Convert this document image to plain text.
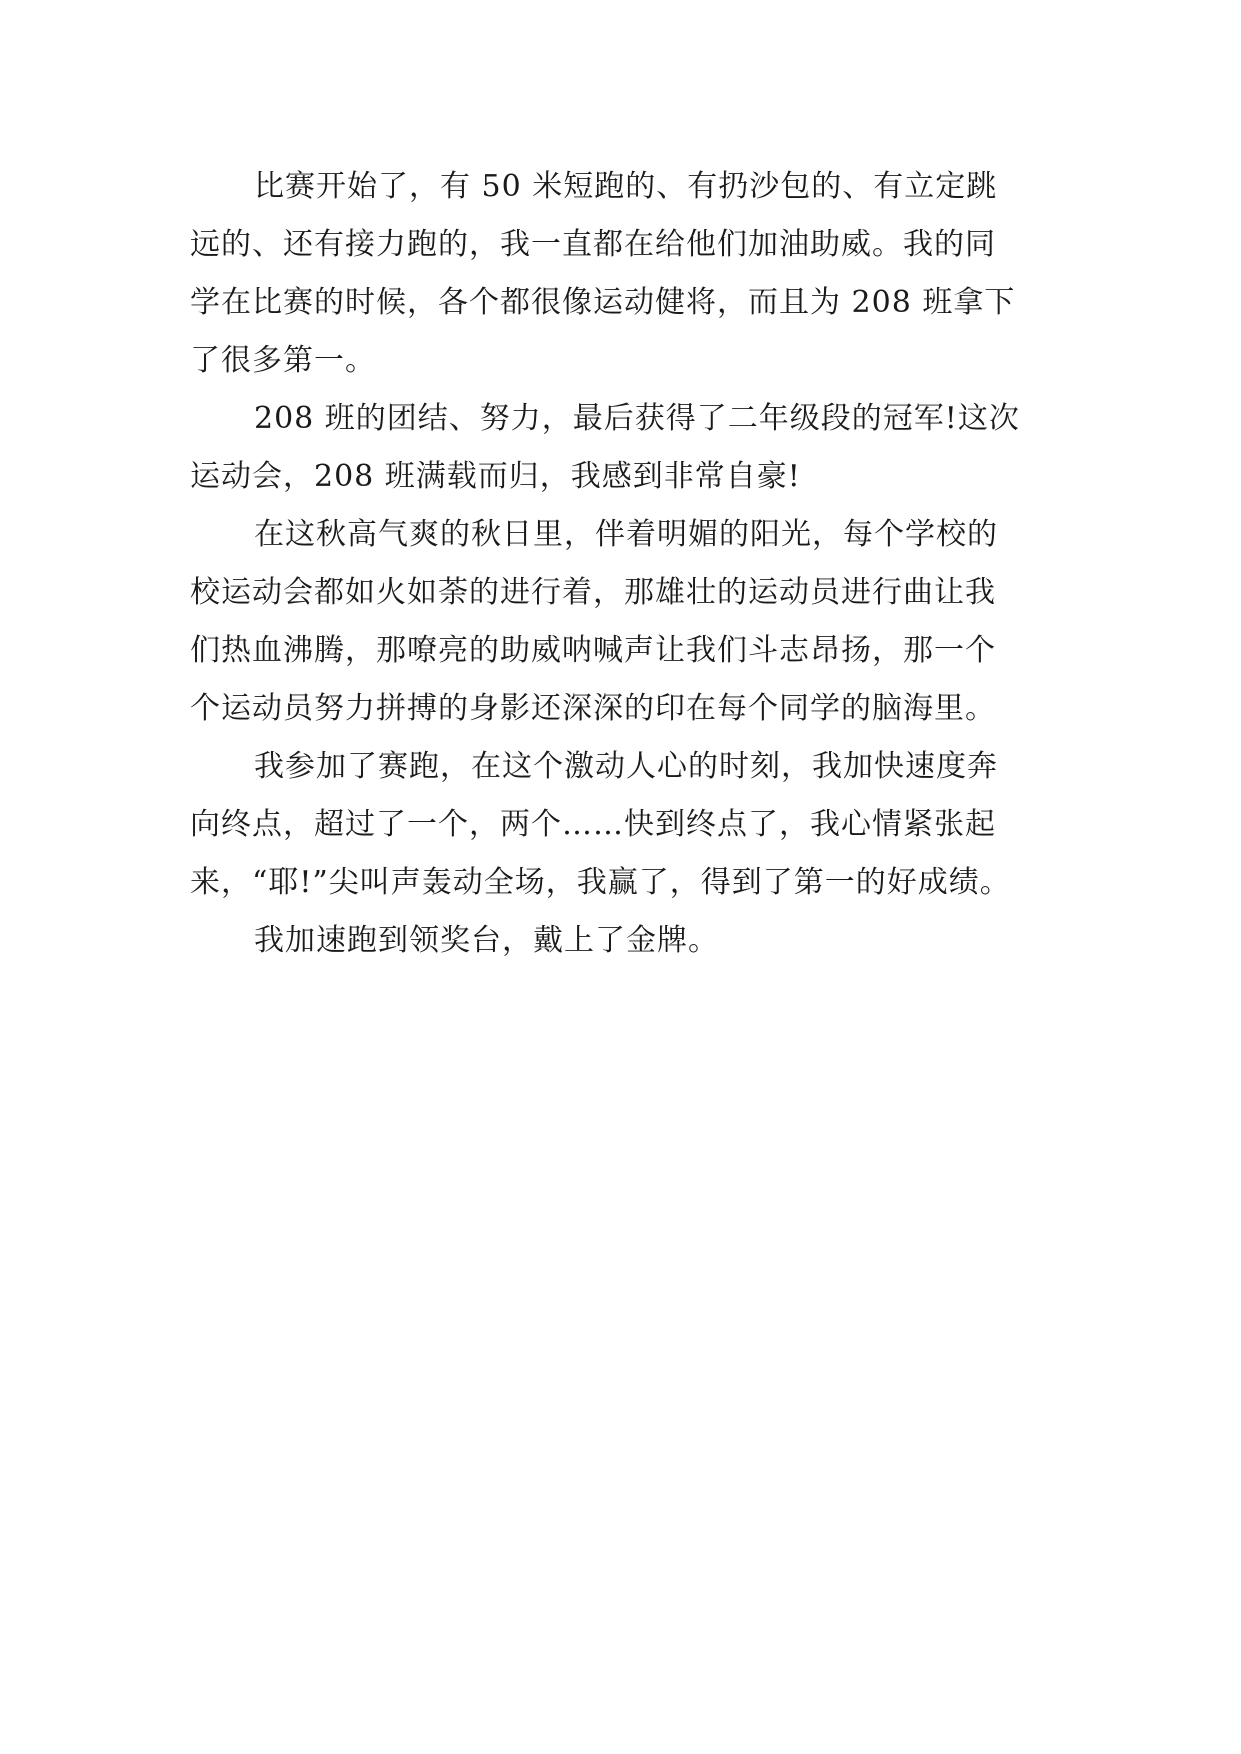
比赛开始了，有 50 米短跑的、有扔沙包的、有立定跳
远的、还有接力跑的，我一直都在给他们加油助威。我的同
学在比赛的时候，各个都很像运动健将，而且为 208 班拿下
了很多第一。
208 班的团结、努力，最后获得了二年级段的冠军!这次
运动会，208 班满载而归，我感到非常自豪!
在这秋高气爽的秋日里，伴着明媚的阳光，每个学校的
校运动会都如火如荼的进行着，那雄壮的运动员进行曲让我
们热血沸腾，那嘹亮的助威呐喊声让我们斗志昂扬，那一个
个运动员努力拼搏的身影还深深的印在每个同学的脑海里。
我参加了赛跑，在这个激动人心的时刻，我加快速度奔
向终点，超过了一个，两个……快到终点了，我心情紧张起
来，“耶!”尖叫声轰动全场，我赢了，得到了第一的好成绩。
我加速跑到领奖台，戴上了金牌。
